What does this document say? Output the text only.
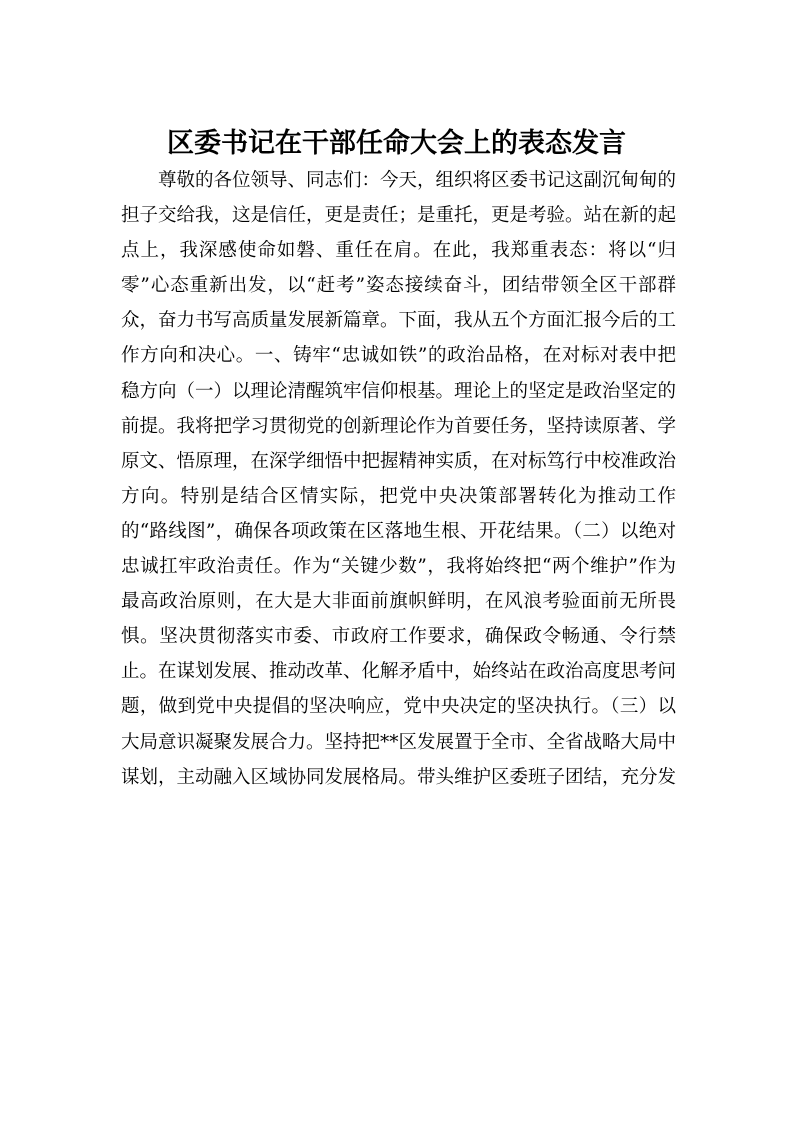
区委书记在干部任命大会上的表态发言

尊敬的各位领导、同志们：今天，组织将区委书记这副沉甸甸的担子交给我，这是信任，更是责任；是重托，更是考验。站在新的起点上，我深感使命如磐、重任在肩。在此，我郑重表态：将以“归零”心态重新出发，以“赶考”姿态接续奋斗，团结带领全区干部群众，奋力书写高质量发展新篇章。下面，我从五个方面汇报今后的工作方向和决心。一、铸牢“忠诚如铁”的政治品格，在对标对表中把稳方向（一）以理论清醒筑牢信仰根基。理论上的坚定是政治坚定的前提。我将把学习贯彻党的创新理论作为首要任务，坚持读原著、学原文、悟原理，在深学细悟中把握精神实质，在对标笃行中校准政治方向。特别是结合区情实际，把党中央决策部署转化为推动工作的“路线图”，确保各项政策在区落地生根、开花结果。（二）以绝对忠诚扛牢政治责任。作为“关键少数”，我将始终把“两个维护”作为最高政治原则，在大是大非面前旗帜鲜明，在风浪考验面前无所畏惧。坚决贯彻落实市委、市政府工作要求，确保政令畅通、令行禁止。在谋划发展、推动改革、化解矛盾中，始终站在政治高度思考问题，做到党中央提倡的坚决响应，党中央决定的坚决执行。（三）以大局意识凝聚发展合力。坚持把**区发展置于全市、全省战略大局中谋划，主动融入区域协同发展格局。带头维护区委班子团结，充分发
